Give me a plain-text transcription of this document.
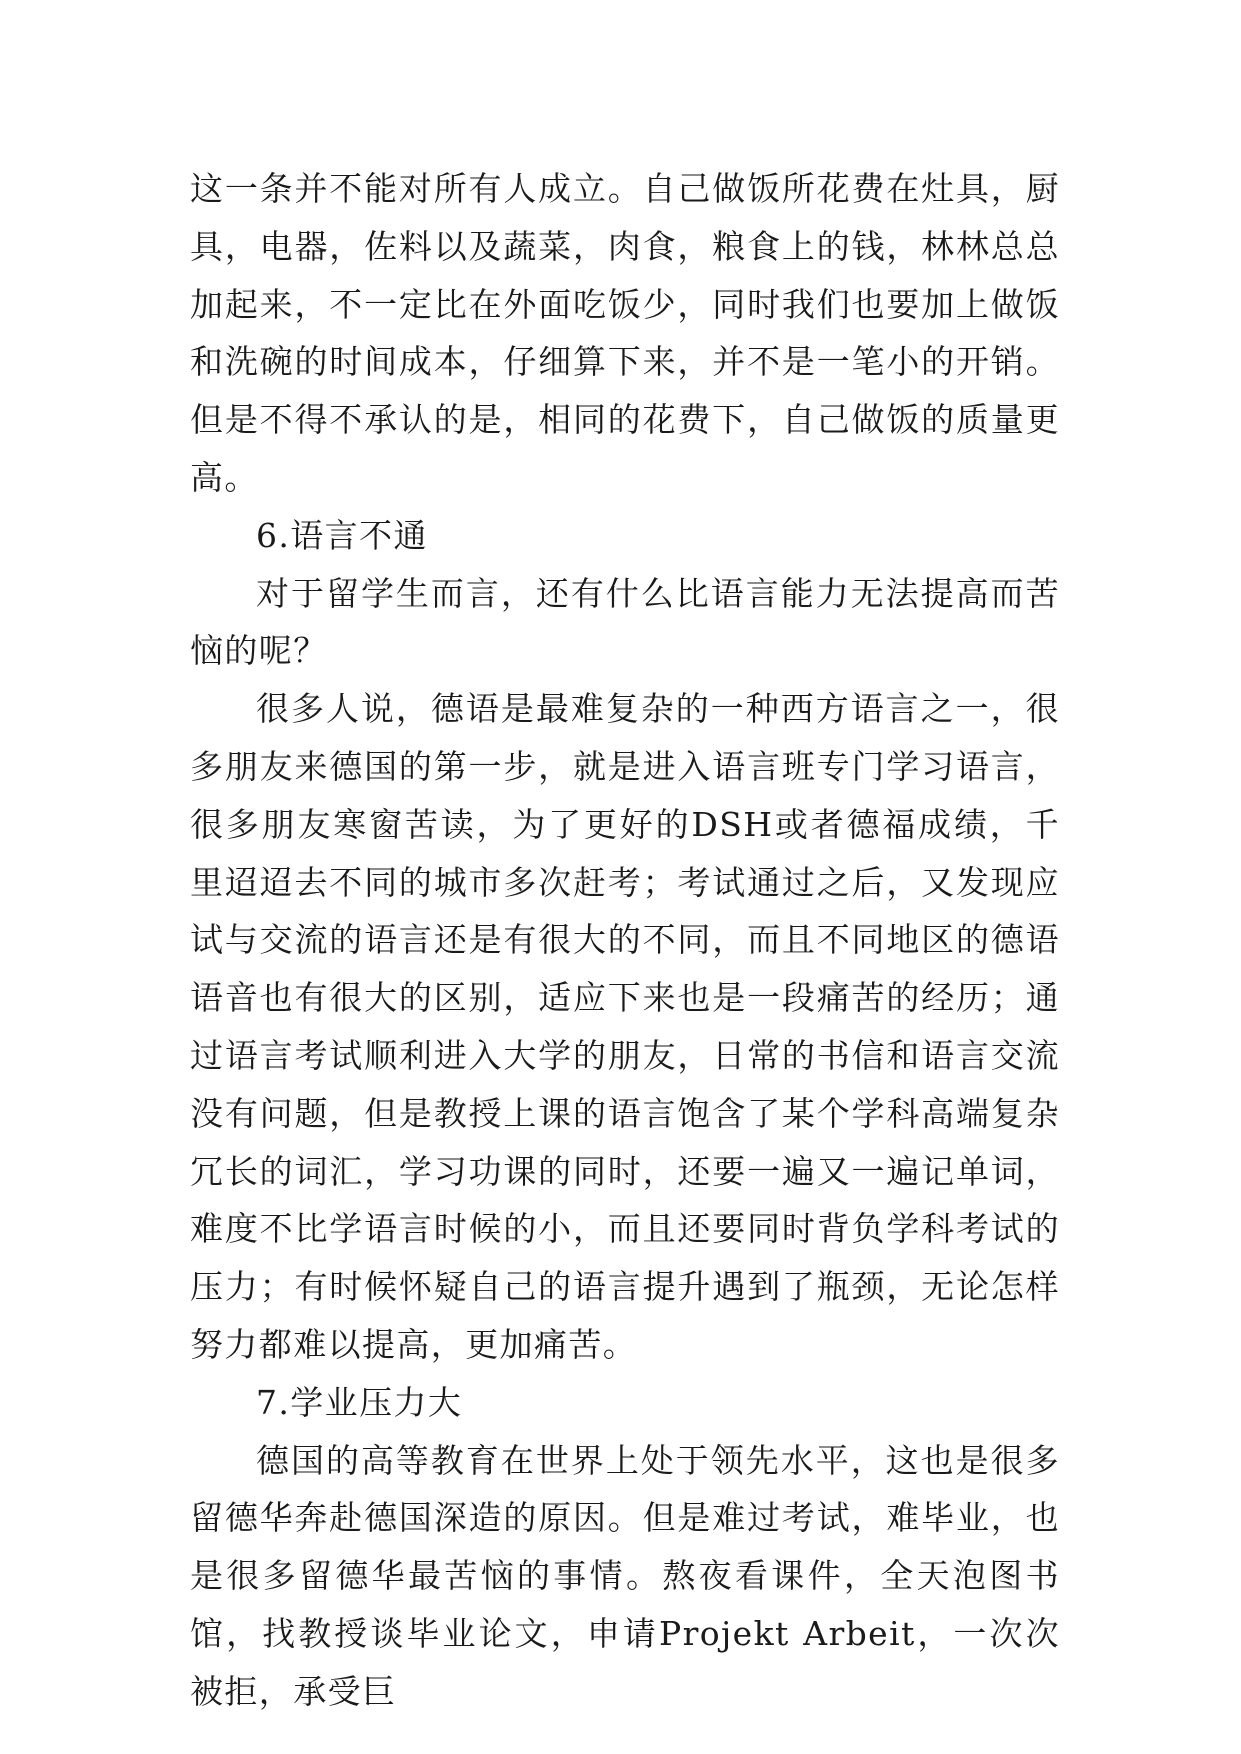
这一条并不能对所有人成立。自己做饭所花费在灶具，厨具，电器，佐料以及蔬菜，肉食，粮食上的钱，林林总总加起来，不一定比在外面吃饭少，同时我们也要加上做饭和洗碗的时间成本，仔细算下来，并不是一笔小的开销。但是不得不承认的是，相同的花费下，自己做饭的质量更高。

6.语言不通

对于留学生而言，还有什么比语言能力无法提高而苦恼的呢？

很多人说，德语是最难复杂的一种西方语言之一，很多朋友来德国的第一步，就是进入语言班专门学习语言，很多朋友寒窗苦读，为了更好的DSH或者德福成绩，千里迢迢去不同的城市多次赶考；考试通过之后，又发现应试与交流的语言还是有很大的不同，而且不同地区的德语语音也有很大的区别，适应下来也是一段痛苦的经历；通过语言考试顺利进入大学的朋友，日常的书信和语言交流没有问题，但是教授上课的语言饱含了某个学科高端复杂冗长的词汇，学习功课的同时，还要一遍又一遍记单词，难度不比学语言时候的小，而且还要同时背负学科考试的压力；有时候怀疑自己的语言提升遇到了瓶颈，无论怎样努力都难以提高，更加痛苦。

7.学业压力大

德国的高等教育在世界上处于领先水平，这也是很多留德华奔赴德国深造的原因。但是难过考试，难毕业，也是很多留德华最苦恼的事情。熬夜看课件，全天泡图书馆，找教授谈毕业论文，申请Projekt Arbeit，一次次被拒，承受巨
